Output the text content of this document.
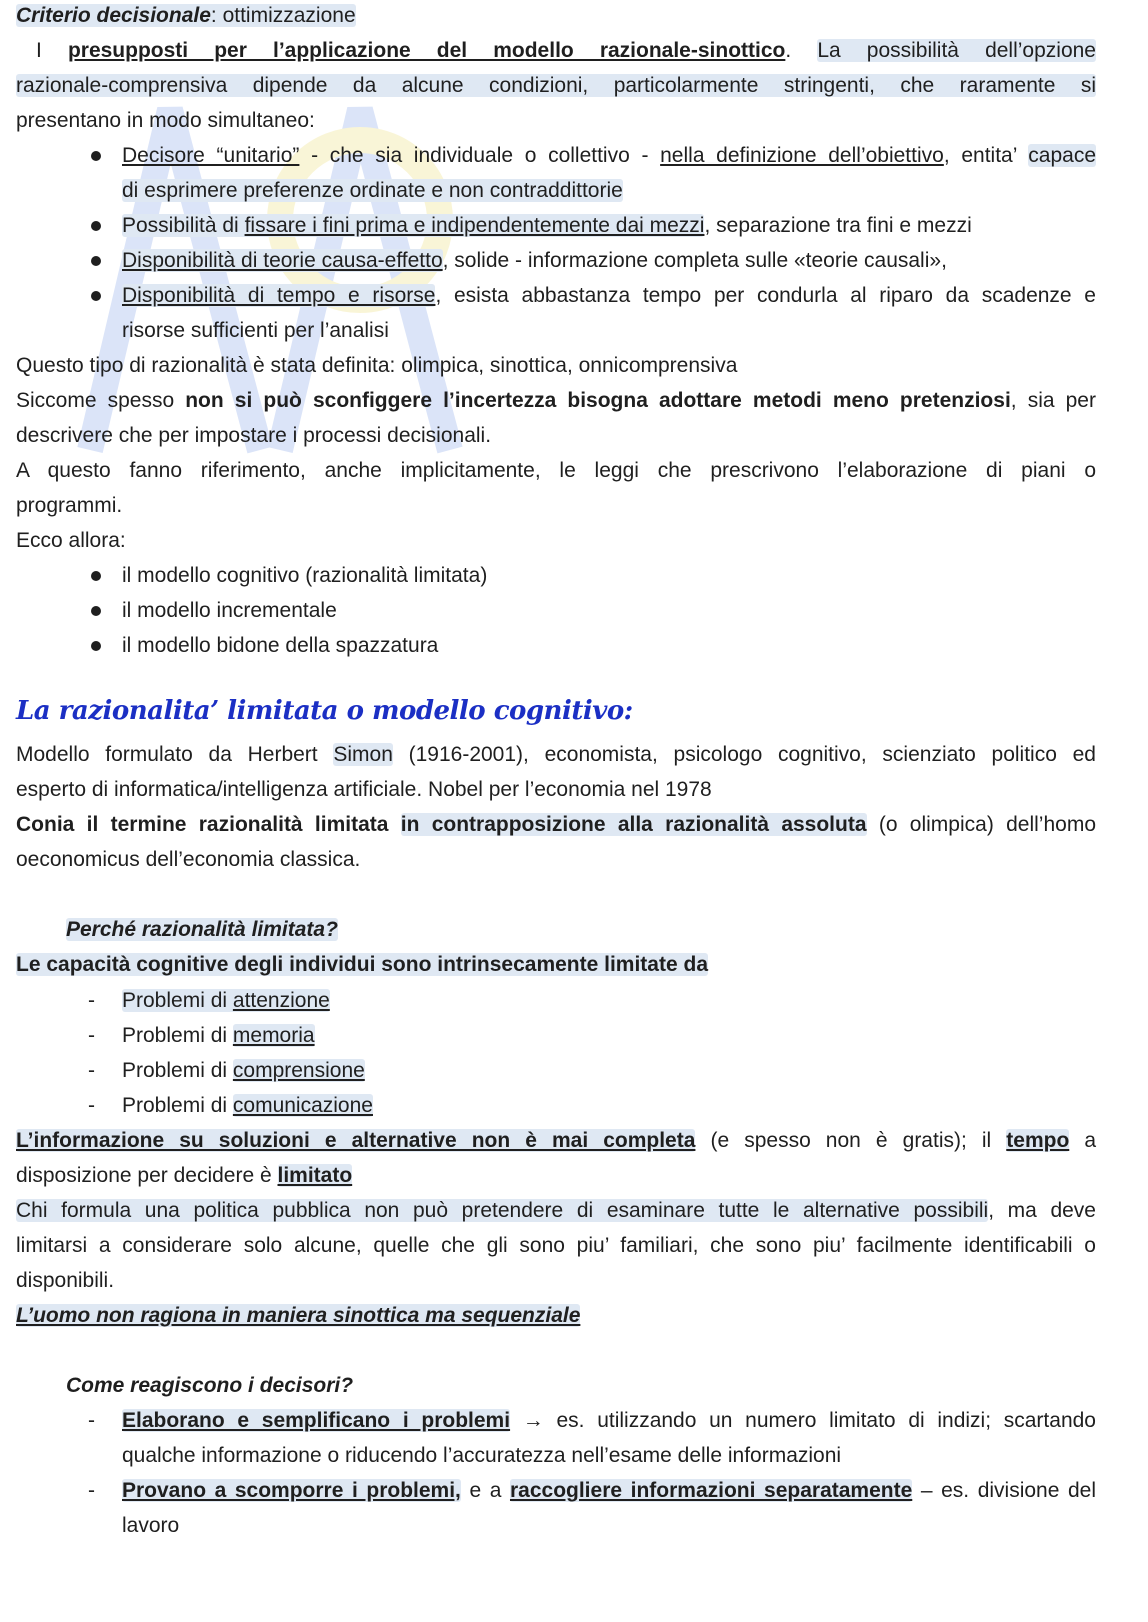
Criterio decisionale: ottimizzazione
I presupposti per l’applicazione del modello razionale-sinottico. La possibilità dell’opzione
razionale-comprensiva dipende da alcune condizioni, particolarmente stringenti, che raramente si
presentano in modo simultaneo:
Decisore “unitario” - che sia individuale o collettivo - nella definizione dell’obiettivo, entita’ capace
di esprimere preferenze ordinate e non contraddittorie
Possibilità di fissare i fini prima e indipendentemente dai mezzi, separazione tra fini e mezzi
Disponibilità di teorie causa-effetto, solide - informazione completa sulle «teorie causali»,
Disponibilità di tempo e risorse, esista abbastanza tempo per condurla al riparo da scadenze e
risorse sufficienti per l’analisi
Questo tipo di razionalità è stata definita: olimpica, sinottica, onnicomprensiva
Siccome spesso non si può sconfiggere l’incertezza bisogna adottare metodi meno pretenziosi, sia per
descrivere che per impostare i processi decisionali.
A questo fanno riferimento, anche implicitamente, le leggi che prescrivono l’elaborazione di piani o
programmi.
Ecco allora:
il modello cognitivo (razionalità limitata)
il modello incrementale
il modello bidone della spazzatura
La razionalita’ limitata o modello cognitivo:
Modello formulato da Herbert Simon (1916-2001), economista, psicologo cognitivo, scienziato politico ed
esperto di informatica/intelligenza artificiale. Nobel per l’economia nel 1978
Conia il termine razionalità limitata in contrapposizione alla razionalità assoluta (o olimpica) dell’homo
oeconomicus dell’economia classica.
Perché razionalità limitata?
Le capacità cognitive degli individui sono intrinsecamente limitate da
- Problemi di attenzione
- Problemi di memoria
- Problemi di comprensione
- Problemi di comunicazione
L’informazione su soluzioni e alternative non è mai completa (e spesso non è gratis); il tempo a
disposizione per decidere è limitato
Chi formula una politica pubblica non può pretendere di esaminare tutte le alternative possibili, ma deve
limitarsi a considerare solo alcune, quelle che gli sono piu’ familiari, che sono piu’ facilmente identificabili o
disponibili.
L’uomo non ragiona in maniera sinottica ma sequenziale
Come reagiscono i decisori?
- Elaborano e semplificano i problemi → es. utilizzando un numero limitato di indizi; scartando
qualche informazione o riducendo l’accuratezza nell’esame delle informazioni
- Provano a scomporre i problemi, e a raccogliere informazioni separatamente – es. divisione del
lavoro
